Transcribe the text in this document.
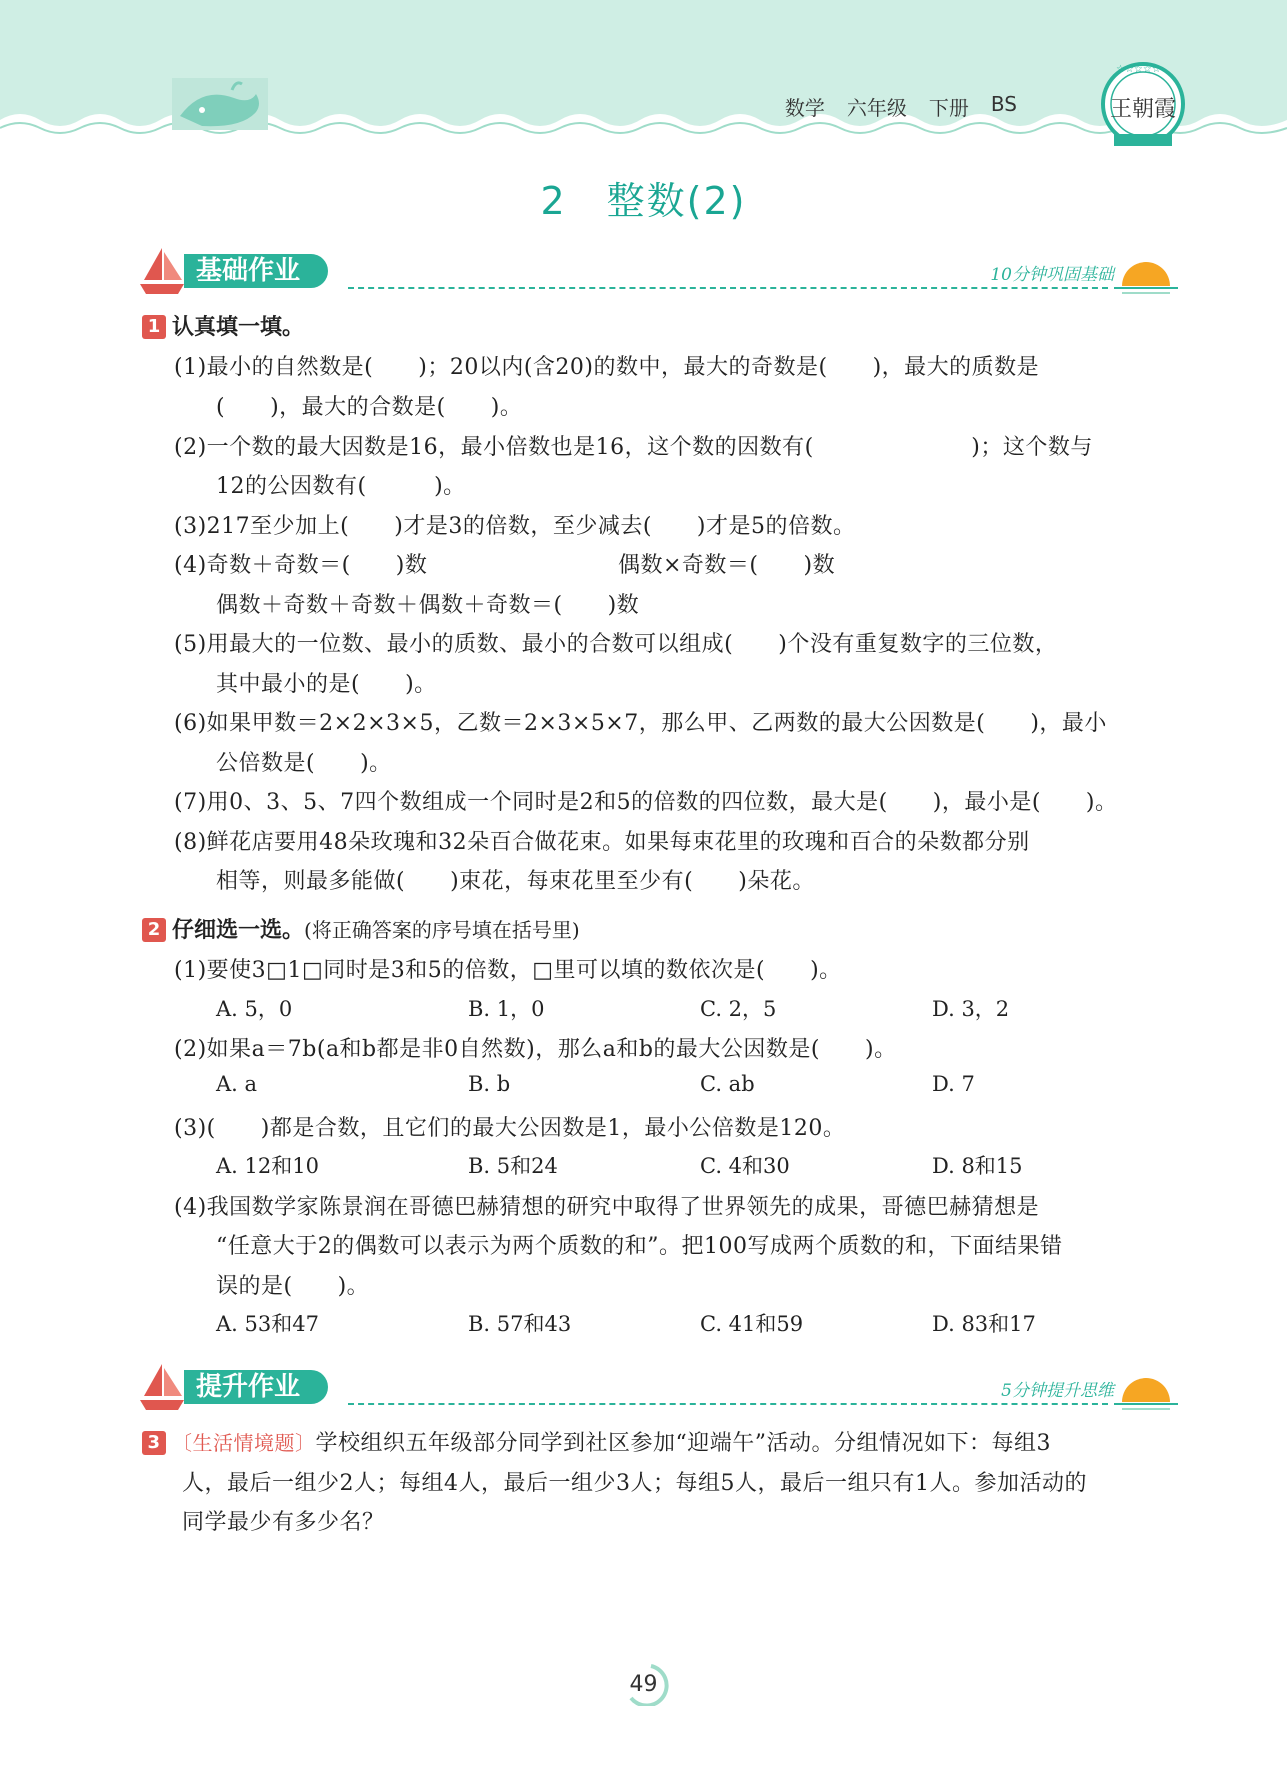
数学 六年级 下册 BS	王朝霞
☆☆☆☆☆
2　整数(2)
基础作业	10分钟巩固基础
1 认真填一填。
(1)最小的自然数是(　　)；20以内(含20)的数中，最大的奇数是(　　)，最大的质数是
(　　)，最大的合数是(　　)。
(2)一个数的最大因数是16，最小倍数也是16，这个数的因数有(　　　　　　　)；这个数与
12的公因数有(　　　)。
(3)217至少加上(　　)才是3的倍数，至少减去(　　)才是5的倍数。
(4)奇数＋奇数＝(　　)数	偶数×奇数＝(　　)数
偶数＋奇数＋奇数＋偶数＋奇数＝(　　)数
(5)用最大的一位数、最小的质数、最小的合数可以组成(　　)个没有重复数字的三位数，
其中最小的是(　　)。
(6)如果甲数＝2×2×3×5，乙数＝2×3×5×7，那么甲、乙两数的最大公因数是(　　)，最小
公倍数是(　　)。
(7)用0、3、5、7四个数组成一个同时是2和5的倍数的四位数，最大是(　　)，最小是(　　)。
(8)鲜花店要用48朵玫瑰和32朵百合做花束。如果每束花里的玫瑰和百合的朵数都分别
相等，则最多能做(　　)束花，每束花里至少有(　　)朵花。
2 仔细选一选。(将正确答案的序号填在括号里)
(1)要使3□1□同时是3和5的倍数，□里可以填的数依次是(　　)。
A. 5，0	B. 1，0	C. 2，5	D. 3，2
(2)如果a＝7b(a和b都是非0自然数)，那么a和b的最大公因数是(　　)。
A. a	B. b	C. ab	D. 7
(3)(　　)都是合数，且它们的最大公因数是1，最小公倍数是120。
A. 12和10	B. 5和24	C. 4和30	D. 8和15
(4)我国数学家陈景润在哥德巴赫猜想的研究中取得了世界领先的成果，哥德巴赫猜想是
“任意大于2的偶数可以表示为两个质数的和”。把100写成两个质数的和，下面结果错
误的是(　　)。
A. 53和47	B. 57和43	C. 41和59	D. 83和17
提升作业	5分钟提升思维
3 〔生活情境题〕学校组织五年级部分同学到社区参加“迎端午”活动。分组情况如下：每组3
人，最后一组少2人；每组4人，最后一组少3人；每组5人，最后一组只有1人。参加活动的
同学最少有多少名？
49
